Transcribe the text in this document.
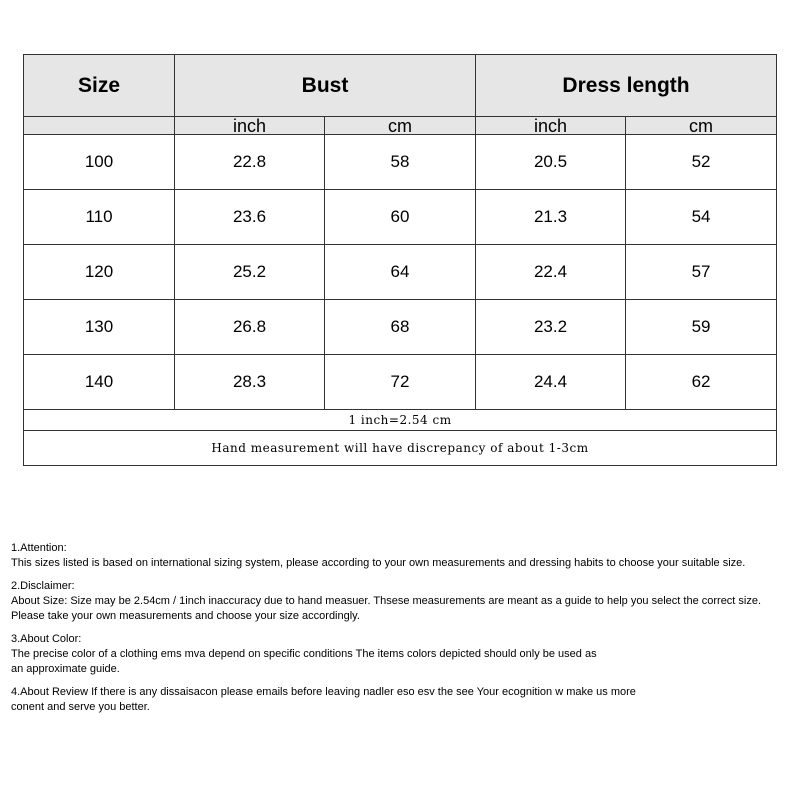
Size	Bust		Dress length	
	inch	cm	inch	cm
100	22.8	58	20.5	52
110	23.6	60	21.3	54
120	25.2	64	22.4	57
130	26.8	68	23.2	59
140	28.3	72	24.4	62
1 inch=2.54 cm				
Hand measurement will have discrepancy of about 1-3cm				

1.Attention:

This sizes listed is based on international sizing system, please according to your own measurements and dressing habits to choose your suitable size.

2.Disclaimer:

About Size: Size may be 2.54cm / 1inch inaccuracy due to hand measuer. Thsese measurements are meant as a guide to help you select the correct size.

Please take your own measurements and choose your size accordingly.

3.About Color:

The precise color of a clothing ems mva depend on specific conditions The items colors depicted should only be used as

an approximate guide.

4.About Review If there is any dissaisacon please emails before leaving nadler eso esv the see Your ecognition w make us more

conent and serve you better.
